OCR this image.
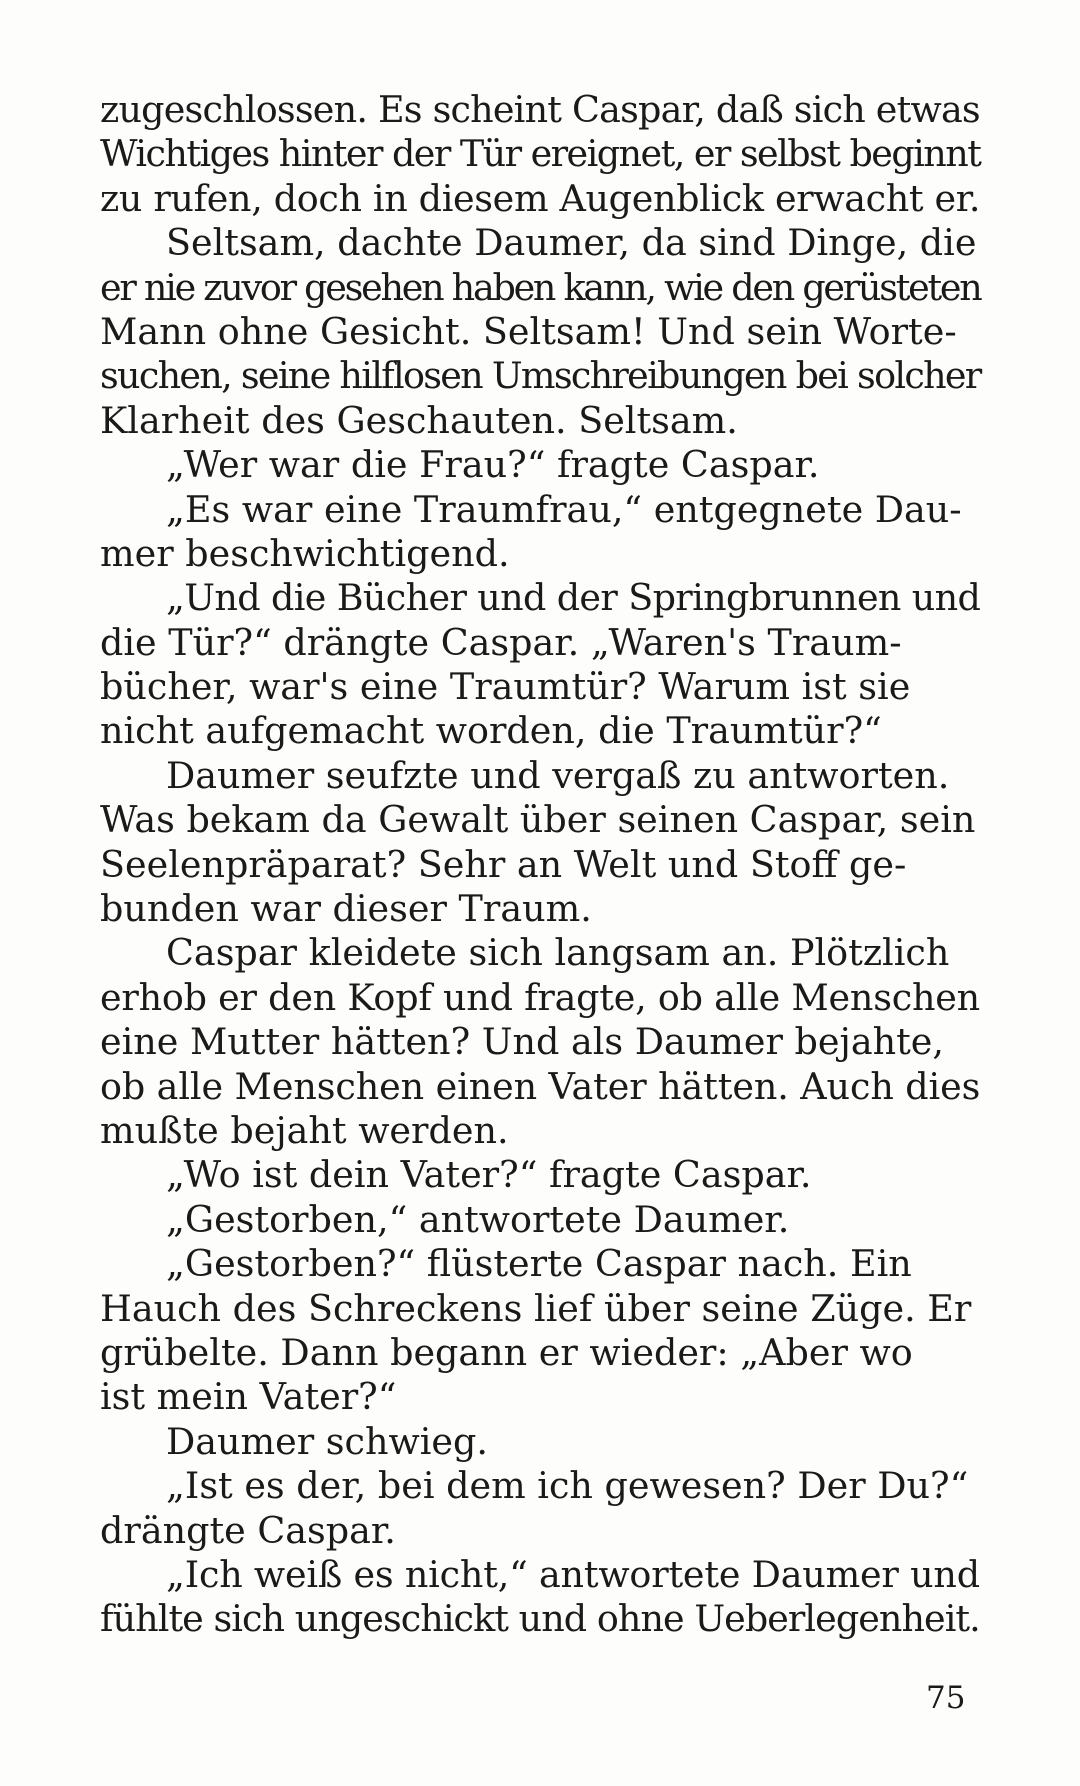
zugeschlossen. Es scheint Caspar, daß sich etwas
Wichtiges hinter der Tür ereignet, er selbst beginnt
zu rufen, doch in diesem Augenblick erwacht er.
Seltsam, dachte Daumer, da sind Dinge, die
er nie zuvor gesehen haben kann, wie den gerüsteten
Mann ohne Gesicht. Seltsam! Und sein Worte-
suchen, seine hilflosen Umschreibungen bei solcher
Klarheit des Geschauten. Seltsam.
„Wer war die Frau?“ fragte Caspar.
„Es war eine Traumfrau,“ entgegnete Dau-
mer beschwichtigend.
„Und die Bücher und der Springbrunnen und
die Tür?“ drängte Caspar. „Waren's Traum-
bücher, war's eine Traumtür? Warum ist sie
nicht aufgemacht worden, die Traumtür?“
Daumer seufzte und vergaß zu antworten.
Was bekam da Gewalt über seinen Caspar, sein
Seelenpräparat? Sehr an Welt und Stoff ge-
bunden war dieser Traum.
Caspar kleidete sich langsam an. Plötzlich
erhob er den Kopf und fragte, ob alle Menschen
eine Mutter hätten? Und als Daumer bejahte,
ob alle Menschen einen Vater hätten. Auch dies
mußte bejaht werden.
„Wo ist dein Vater?“ fragte Caspar.
„Gestorben,“ antwortete Daumer.
„Gestorben?“ flüsterte Caspar nach. Ein
Hauch des Schreckens lief über seine Züge. Er
grübelte. Dann begann er wieder: „Aber wo
ist mein Vater?“
Daumer schwieg.
„Ist es der, bei dem ich gewesen? Der Du?“
drängte Caspar.
„Ich weiß es nicht,“ antwortete Daumer und
fühlte sich ungeschickt und ohne Ueberlegenheit.
75
